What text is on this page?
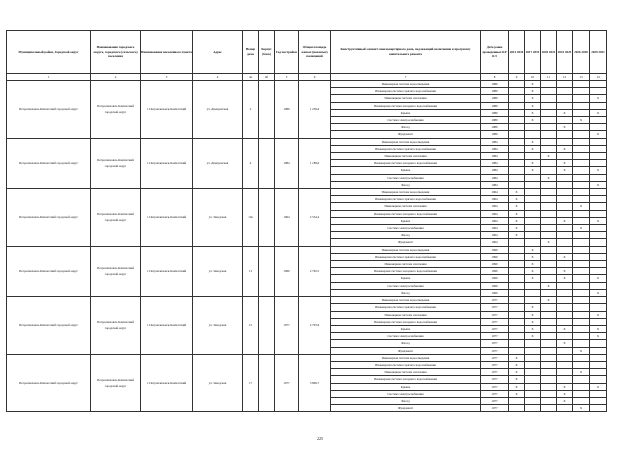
Муниципальный район, Городской округ	Наименование городского округа, городского (сельского) поселения	Наименование населенного пункта	Адрес	Номер дома	Корпус (блок)	Год постройки	Общая площадь жилых (нежилых) помещений	Конструктивный элемент многоквартирного дома, подлежащий включению в программу капитального ремонта	Дата ранее проведенных КР КЭ	2014 2016	2017 2019	2020 2022	2023 2025	2026 2028	2029 2031
1	2	3	4	4а	4б	5	6	7	8	9	10	11	12	13	14
Петропавловск-Камчатский городской округ	Петропавловск-Камчатский городской округ	г. Петропавловск-Камчатский	ул. Днепровская	2		1980	1 239,6	Инженерная система водоотведения	1980		Х				
								Инженерная система горячего водоснабжения	1980		Х				
								Инженерная система отопления	1980		Х				Х
								Инженерная система холодного водоснабжения	1980		Х				
								Крыша	1980		Х		Х		Х
								Система электроснабжения	1980		Х			Х	
								Фасад	1980				Х		
								Фундамент	1980						Х
Петропавловск-Камчатский городской округ	Петропавловск-Камчатский городской округ	г. Петропавловск-Камчатский	ул. Днепровская	4		1984	1 189,0	Инженерная система водоотведения	1984		Х				
								Инженерная система горячего водоснабжения	1984		Х		Х		
								Инженерная система отопления	1984			Х			
								Инженерная система холодного водоснабжения	1984		Х		Х		
								Крыша	1984		Х		Х		Х
								Система электроснабжения	1984			Х			
								Фасад	1984						Х
Петропавловск-Камчатский городской округ	Петропавловск-Камчатский городской округ	г. Петропавловск-Камчатский	ул. Заводская	10а		1964	2 554,4	Инженерная система водоотведения	1964	Х					
								Инженерная система горячего водоснабжения	1964	Х					
								Инженерная система отопления	1964	Х				Х	
								Инженерная система холодного водоснабжения	1964	Х					
								Крыша	1964	Х			Х		Х
								Система электроснабжения	1964	Х				Х	
								Фасад	1964	Х					
								Фундамент	1964			Х			
Петропавловск-Камчатский городской округ	Петропавловск-Камчатский городской округ	г. Петропавловск-Камчатский	ул. Заводская	13		1990	2 792,5	Инженерная система водоотведения	1990		Х				
								Инженерная система горячего водоснабжения	1990		Х		Х		
								Инженерная система отопления	1990		Х				
								Инженерная система холодного водоснабжения	1990		Х		Х		
								Крыша	1990		Х		Х		Х
								Система электроснабжения	1990			Х			
								Фасад	1990						Х
Петропавловск-Камчатский городской округ	Петропавловск-Камчатский городской округ	г. Петропавловск-Камчатский	ул. Заводская	15		1977	2 703,6	Инженерная система водоотведения	1977			Х			
								Инженерная система горячего водоснабжения	1977		Х				
								Инженерная система отопления	1977		Х				Х
								Инженерная система холодного водоснабжения	1977		Х				
								Крыша	1977		Х		Х		Х
								Система электроснабжения	1977		Х				Х
								Фасад	1977				Х		
								Фундамент	1977					Х	
Петропавловск-Камчатский городской округ	Петропавловск-Камчатский городской округ	г. Петропавловск-Камчатский	ул. Заводская	17		1977	3 809,7	Инженерная система водоотведения	1977	Х					
								Инженерная система горячего водоснабжения	1977	Х					
								Инженерная система отопления	1977	Х				Х	
								Инженерная система холодного водоснабжения	1977	Х					
								Крыша	1977	Х			Х		Х
								Система электроснабжения	1977	Х			Х		
								Фасад	1977				Х		
								Фундамент	1977					Х	
225
